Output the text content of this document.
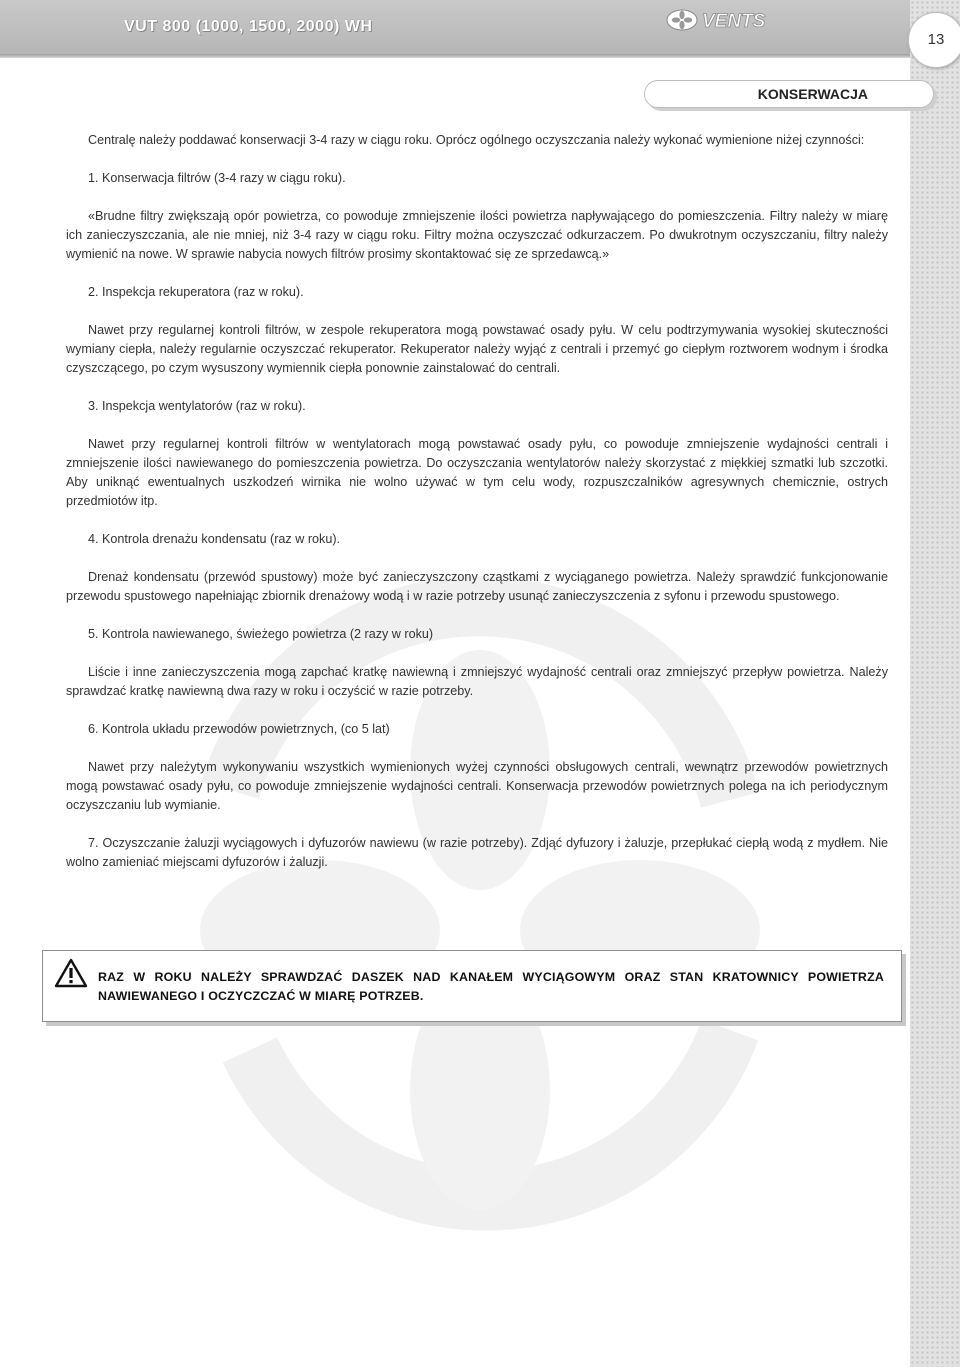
VUT 800 (1000, 1500, 2000) WH	VENTS
13
KONSERWACJA

Centralę należy poddawać konserwacji 3-4 razy w ciągu roku. Oprócz ogólnego oczyszczania należy wykonać wymienione niżej czynności:

1. Konserwacja filtrów (3-4 razy w ciągu roku).

«Brudne filtry zwiększają opór powietrza, co powoduje zmniejszenie ilości powietrza napływającego do pomieszczenia. Filtry należy w miarę ich zanieczyszczania, ale nie mniej, niż 3-4 razy w ciągu roku. Filtry można oczyszczać odkurzaczem. Po dwukrotnym oczyszczaniu, filtry należy wymienić na nowe. W sprawie nabycia nowych filtrów prosimy skontaktować się ze sprzedawcą.»

2. Inspekcja rekuperatora (raz w roku).

Nawet przy regularnej kontroli filtrów, w zespole rekuperatora mogą powstawać osady pyłu. W celu podtrzymywania wysokiej skuteczności wymiany ciepła, należy regularnie oczyszczać rekuperator. Rekuperator należy wyjąć z centrali i przemyć go ciepłym roztworem wodnym i środka czyszczącego, po czym wysuszony wymiennik ciepła ponownie zainstalować do centrali.

3. Inspekcja wentylatorów (raz w roku).

Nawet przy regularnej kontroli filtrów w wentylatorach mogą powstawać osady pyłu, co powoduje zmniejszenie wydajności centrali i zmniejszenie ilości nawiewanego do pomieszczenia powietrza. Do oczyszczania wentylatorów należy skorzystać z miękkiej szmatki lub szczotki. Aby uniknąć ewentualnych uszkodzeń wirnika nie wolno używać w tym celu wody, rozpuszczalników agresywnych chemicznie, ostrych przedmiotów itp.

4. Kontrola drenażu kondensatu (raz w roku).

Drenaż kondensatu (przewód spustowy) może być zanieczyszczony cząstkami z wyciąganego powietrza. Należy sprawdzić funkcjonowanie przewodu spustowego napełniając zbiornik drenażowy wodą i w razie potrzeby usunąć zanieczyszczenia z syfonu i przewodu spustowego.

5. Kontrola nawiewanego, świeżego powietrza (2 razy w roku)

Liście i inne zanieczyszczenia mogą zapchać kratkę nawiewną i zmniejszyć wydajność centrali oraz zmniejszyć przepływ powietrza. Należy sprawdzać kratkę nawiewną dwa razy w roku i oczyścić w razie potrzeby.

6. Kontrola układu przewodów powietrznych, (co 5 lat)

Nawet przy należytym wykonywaniu wszystkich wymienionych wyżej czynności obsługowych centrali, wewnątrz przewodów powietrznych mogą powstawać osady pyłu, co powoduje zmniejszenie wydajności centrali. Konserwacja przewodów powietrznych polega na ich periodycznym oczyszczaniu lub wymianie.

7. Oczyszczanie żaluzji wyciągowych i dyfuzorów nawiewu (w razie potrzeby). Zdjąć dyfuzory i żaluzje, przepłukać ciepłą wodą z mydłem. Nie wolno zamieniać miejscami dyfuzorów i żaluzji.

RAZ W ROKU NALEŻY SPRAWDZAĆ DASZEK NAD KANAŁEM WYCIĄGOWYM ORAZ STAN KRATOWNICY POWIETRZA
NAWIEWANEGO I OCZYCZCZAĆ W MIARĘ POTRZEB.
